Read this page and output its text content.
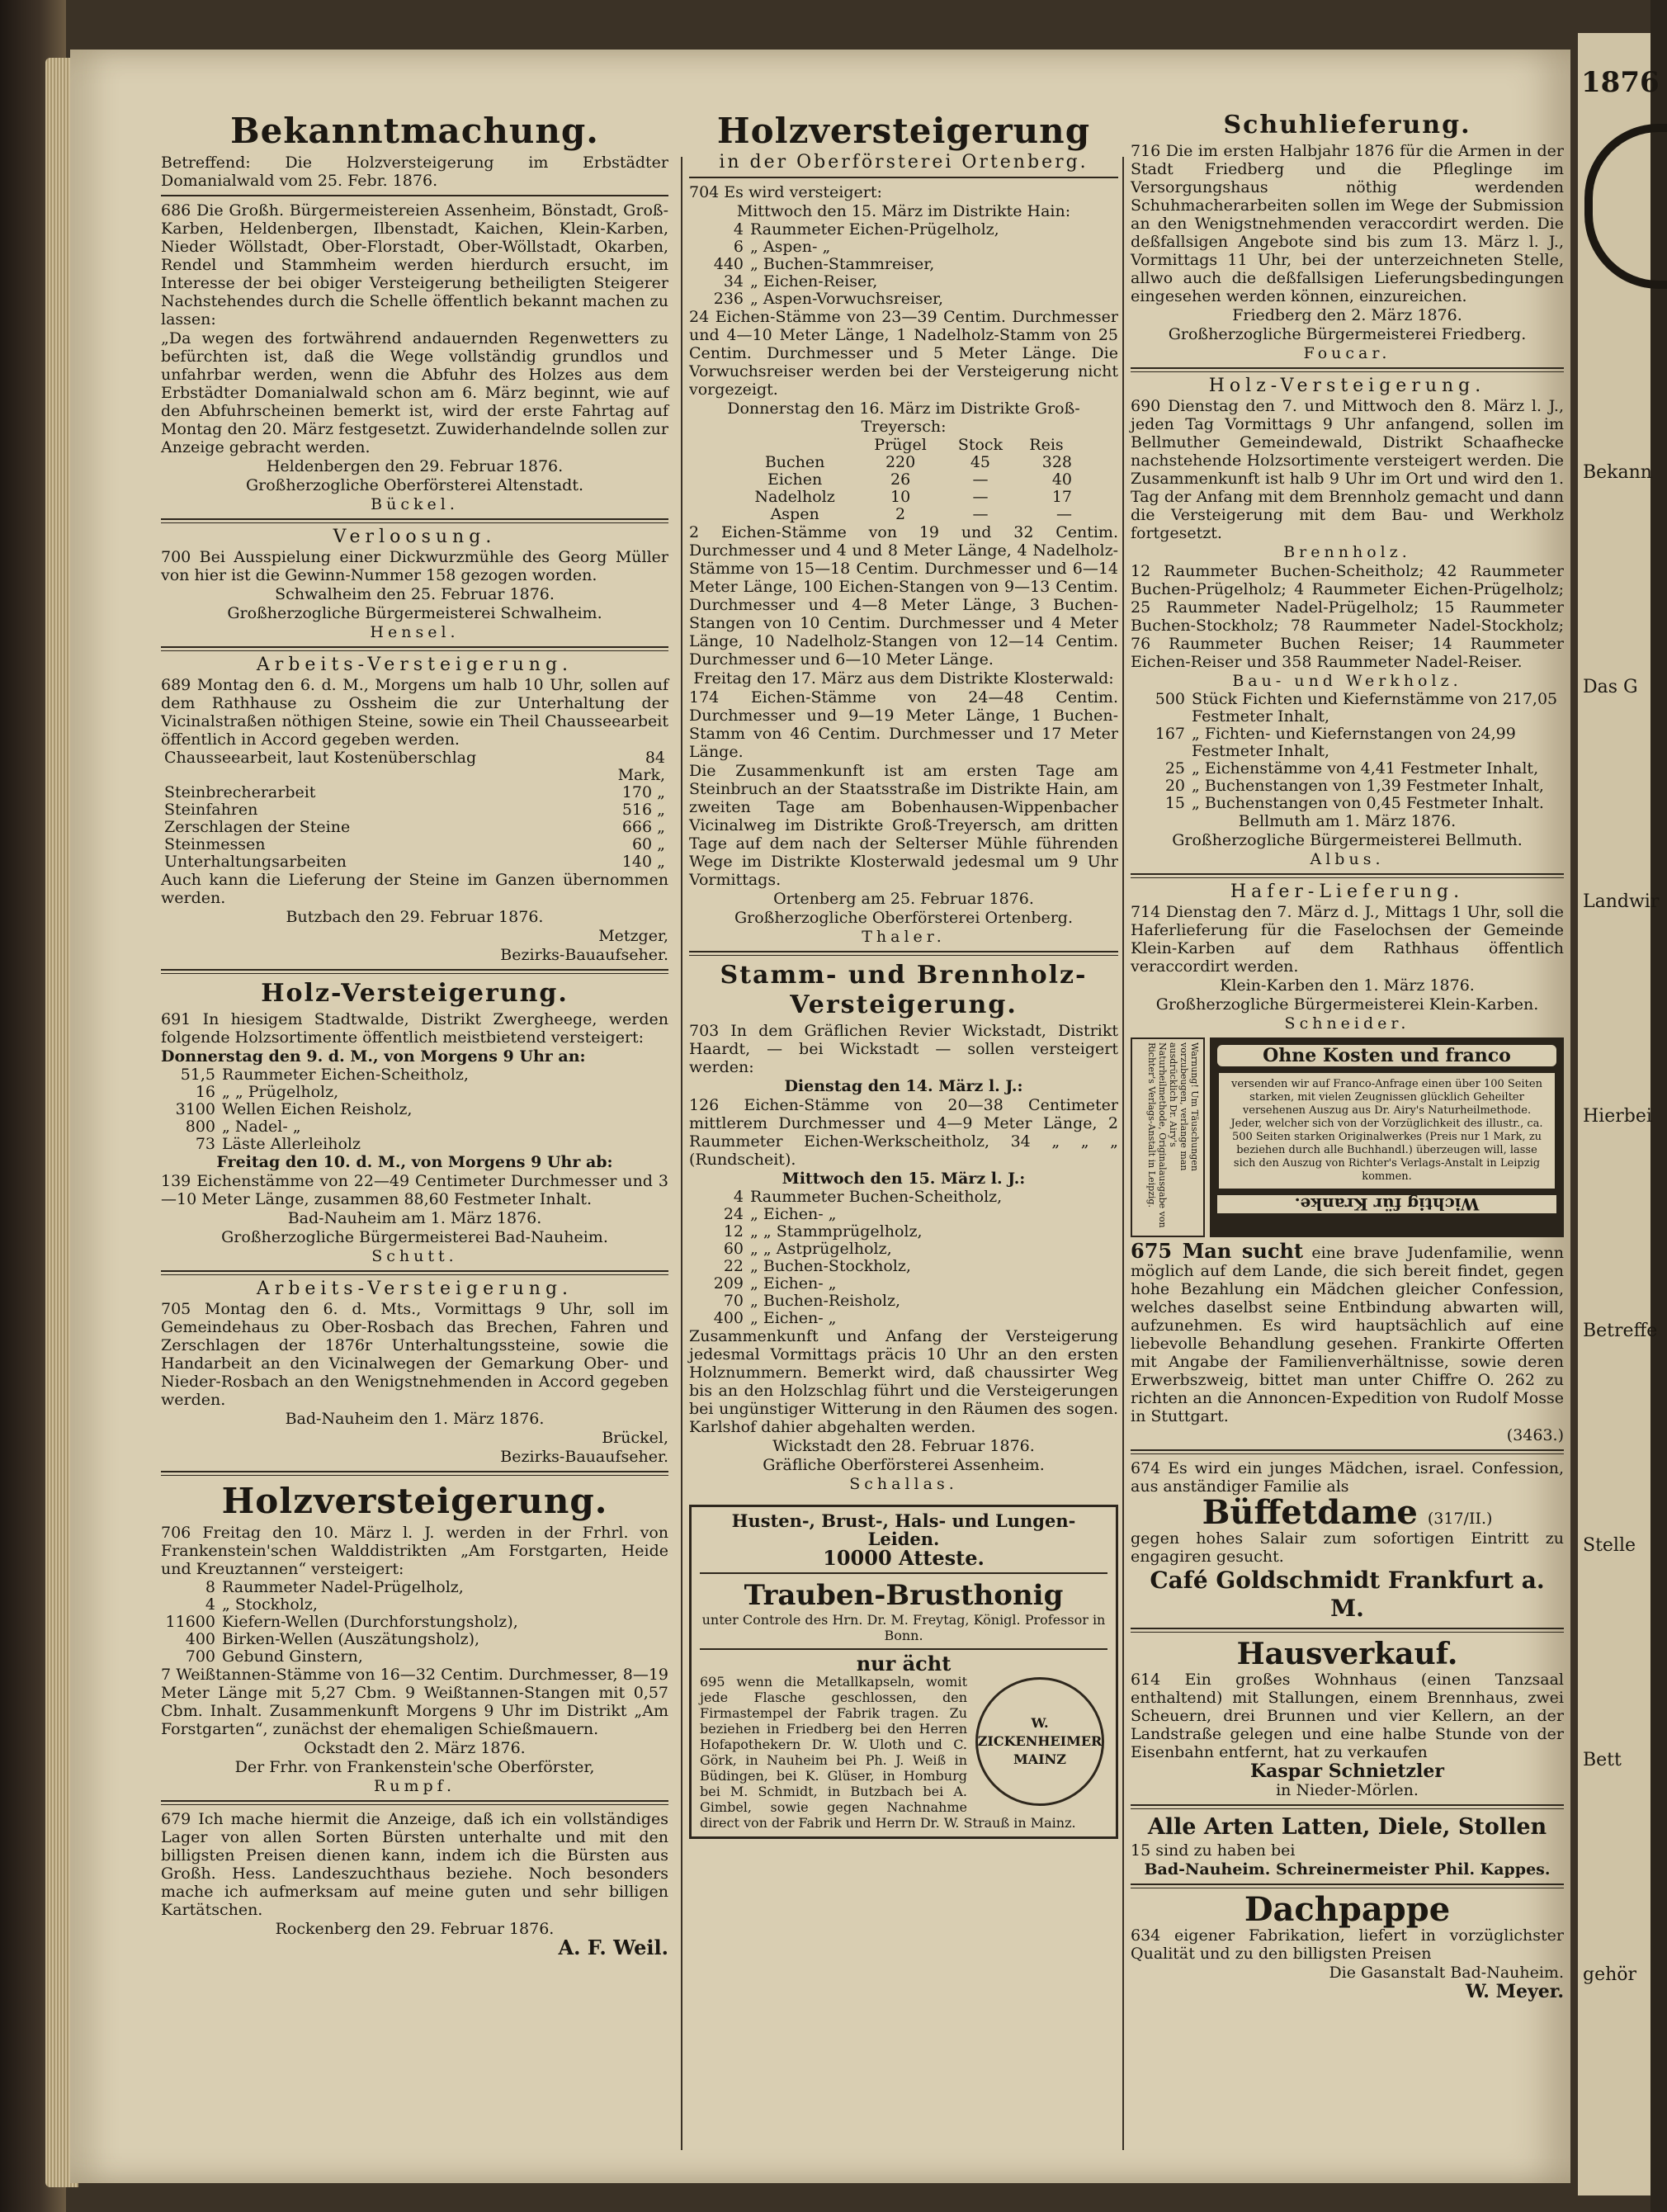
Bekanntmachung.

Betreffend: Die Holzversteigerung im Erbstädter Domanialwald vom 25. Febr. 1876.

686 Die Großh. Bürgermeistereien Assenheim, Bönstadt, Groß-Karben, Heldenbergen, Ilbenstadt, Kaichen, Klein-Karben, Nieder Wöllstadt, Ober-Florstadt, Ober-Wöllstadt, Okarben, Rendel und Stammheim werden hierdurch ersucht, im Interesse der bei obiger Versteigerung betheiligten Steigerer Nachstehendes durch die Schelle öffentlich bekannt machen zu lassen:

„Da wegen des fortwährend andauernden Regenwetters zu befürchten ist, daß die Wege vollständig grundlos und unfahrbar werden, wenn die Abfuhr des Holzes aus dem Erbstädter Domanialwald schon am 6. März beginnt, wie auf den Abfuhrscheinen bemerkt ist, wird der erste Fahrtag auf Montag den 20. März festgesetzt. Zuwiderhandelnde sollen zur Anzeige gebracht werden.

Heldenbergen den 29. Februar 1876.

Großherzogliche Oberförsterei Altenstadt.

Bückel.

Verloosung.

700 Bei Ausspielung einer Dickwurzmühle des Georg Müller von hier ist die Gewinn-Nummer 158 gezogen worden.

Schwalheim den 25. Februar 1876.

Großherzogliche Bürgermeisterei Schwalheim.

Hensel.

Arbeits-Versteigerung.

689 Montag den 6. d. M., Morgens um halb 10 Uhr, sollen auf dem Rathhause zu Ossheim die zur Unterhaltung der Vicinalstraßen nöthigen Steine, sowie ein Theil Chausseearbeit öffentlich in Accord gegeben werden.

Chausseearbeit, laut Kostenüberschlag	84 Mark,
Steinbrecherarbeit	170 „
Steinfahren	516 „
Zerschlagen der Steine	666 „
Steinmessen	60 „
Unterhaltungsarbeiten	140 „

Auch kann die Lieferung der Steine im Ganzen übernommen werden.

Butzbach den 29. Februar 1876.

Metzger,

Bezirks-Bauaufseher.

Holz-Versteigerung.

691 In hiesigem Stadtwalde, Distrikt Zwergheege, werden folgende Holzsortimente öffentlich meistbietend versteigert:

Donnerstag den 9. d. M., von Morgens 9 Uhr an:

51,5	Raummeter Eichen-Scheitholz,
16	„ „ Prügelholz,
3100	Wellen Eichen Reisholz,
800	„ Nadel- „
73	Läste Allerleiholz

Freitag den 10. d. M., von Morgens 9 Uhr ab:

139 Eichenstämme von 22—49 Centimeter Durchmesser und 3—10 Meter Länge, zusammen 88,60 Festmeter Inhalt.

Bad-Nauheim am 1. März 1876.

Großherzogliche Bürgermeisterei Bad-Nauheim.

Schutt.

Arbeits-Versteigerung.

705 Montag den 6. d. Mts., Vormittags 9 Uhr, soll im Gemeindehaus zu Ober-Rosbach das Brechen, Fahren und Zerschlagen der 1876r Unterhaltungssteine, sowie die Handarbeit an den Vicinalwegen der Gemarkung Ober- und Nieder-Rosbach an den Wenigstnehmenden in Accord gegeben werden.

Bad-Nauheim den 1. März 1876.

Brückel,

Bezirks-Bauaufseher.

Holzversteigerung.

706 Freitag den 10. März l. J. werden in der Frhrl. von Frankenstein'schen Walddistrikten „Am Forstgarten, Heide und Kreuztannen“ versteigert:

8	Raummeter Nadel-Prügelholz,
4	„ Stockholz,
11600	Kiefern-Wellen (Durchforstungsholz),
400	Birken-Wellen (Auszätungsholz),
700	Gebund Ginstern,

7 Weißtannen-Stämme von 16—32 Centim. Durchmesser, 8—19 Meter Länge mit 5,27 Cbm. 9 Weißtannen-Stangen mit 0,57 Cbm. Inhalt. Zusammenkunft Morgens 9 Uhr im Distrikt „Am Forstgarten“, zunächst der ehemaligen Schießmauern.

Ockstadt den 2. März 1876.

Der Frhr. von Frankenstein'sche Oberförster,

Rumpf.

679 Ich mache hiermit die Anzeige, daß ich ein vollständiges Lager von allen Sorten Bürsten unterhalte und mit den billigsten Preisen dienen kann, indem ich die Bürsten aus Großh. Hess. Landeszuchthaus beziehe. Noch besonders mache ich aufmerksam auf meine guten und sehr billigen Kartätschen.

Rockenberg den 29. Februar 1876.

A. F. Weil.

Holzversteigerung
in der Oberförsterei Ortenberg.

704 Es wird versteigert:

Mittwoch den 15. März im Distrikte Hain:

4	Raummeter Eichen-Prügelholz,
6	„ Aspen- „
440	„ Buchen-Stammreiser,
34	„ Eichen-Reiser,
236	„ Aspen-Vorwuchsreiser,

24 Eichen-Stämme von 23—39 Centim. Durchmesser und 4—10 Meter Länge, 1 Nadelholz-Stamm von 25 Centim. Durchmesser und 5 Meter Länge. Die Vorwuchsreiser werden bei der Versteigerung nicht vorgezeigt.

Donnerstag den 16. März im Distrikte Groß-Treyersch:

	Prügel	Stock	Reis
Buchen	220	45	328
Eichen	26	—	40
Nadelholz	10	—	17
Aspen	2	—	—

2 Eichen-Stämme von 19 und 32 Centim. Durchmesser und 4 und 8 Meter Länge, 4 Nadelholz-Stämme von 15—18 Centim. Durchmesser und 6—14 Meter Länge, 100 Eichen-Stangen von 9—13 Centim. Durchmesser und 4—8 Meter Länge, 3 Buchen-Stangen von 10 Centim. Durchmesser und 4 Meter Länge, 10 Nadelholz-Stangen von 12—14 Centim. Durchmesser und 6—10 Meter Länge.

Freitag den 17. März aus dem Distrikte Klosterwald:

174 Eichen-Stämme von 24—48 Centim. Durchmesser und 9—19 Meter Länge, 1 Buchen-Stamm von 46 Centim. Durchmesser und 17 Meter Länge.

Die Zusammenkunft ist am ersten Tage am Steinbruch an der Staatsstraße im Distrikte Hain, am zweiten Tage am Bobenhausen-Wippenbacher Vicinalweg im Distrikte Groß-Treyersch, am dritten Tage auf dem nach der Selterser Mühle führenden Wege im Distrikte Klosterwald jedesmal um 9 Uhr Vormittags.

Ortenberg am 25. Februar 1876.

Großherzogliche Oberförsterei Ortenberg.

Thaler.

Stamm- und Brennholz-Versteigerung.

703 In dem Gräflichen Revier Wickstadt, Distrikt Haardt, — bei Wickstadt — sollen versteigert werden:

Dienstag den 14. März l. J.:

126 Eichen-Stämme von 20—38 Centimeter mittlerem Durchmesser und 4—9 Meter Länge, 2 Raummeter Eichen-Werkscheitholz, 34 „ „ „ (Rundscheit).

Mittwoch den 15. März l. J.:

4	Raummeter Buchen-Scheitholz,
24	„ Eichen- „
12	„ „ Stammprügelholz,
60	„ „ Astprügelholz,
22	„ Buchen-Stockholz,
209	„ Eichen- „
70	„ Buchen-Reisholz,
400	„ Eichen- „

Zusammenkunft und Anfang der Versteigerung jedesmal Vormittags präcis 10 Uhr an den ersten Holznummern. Bemerkt wird, daß chaussirter Weg bis an den Holzschlag führt und die Versteigerungen bei ungünstiger Witterung in den Räumen des sogen. Karlshof dahier abgehalten werden.

Wickstadt den 28. Februar 1876.

Gräfliche Oberförsterei Assenheim.

Schallas.

Husten-, Brust-, Hals- und Lungen-Leiden.

10000 Atteste.

Trauben-Brusthonig

unter Controle des Hrn. Dr. M. Freytag, Königl. Professor in Bonn.

nur ächt

W. ZICKENHEIMER MAINZ

695 wenn die Metallkapseln, womit jede Flasche geschlossen, den Firmastempel der Fabrik tragen. Zu beziehen in Friedberg bei den Herren Hofapothekern Dr. W. Uloth und C. Görk, in Nauheim bei Ph. J. Weiß in Büdingen, bei K. Glüser, in Homburg bei M. Schmidt, in Butzbach bei A. Gimbel, sowie gegen Nachnahme direct von der Fabrik und Herrn Dr. W. Strauß in Mainz.

Schuhlieferung.

716 Die im ersten Halbjahr 1876 für die Armen in der Stadt Friedberg und die Pfleglinge im Versorgungshaus nöthig werdenden Schuhmacherarbeiten sollen im Wege der Submission an den Wenigstnehmenden veraccordirt werden. Die deßfallsigen Angebote sind bis zum 13. März l. J., Vormittags 11 Uhr, bei der unterzeichneten Stelle, allwo auch die deßfallsigen Lieferungsbedingungen eingesehen werden können, einzureichen.

Friedberg den 2. März 1876.

Großherzogliche Bürgermeisterei Friedberg.

Foucar.

Holz-Versteigerung.

690 Dienstag den 7. und Mittwoch den 8. März l. J., jeden Tag Vormittags 9 Uhr anfangend, sollen im Bellmuther Gemeindewald, Distrikt Schaafhecke nachstehende Holzsortimente versteigert werden. Die Zusammenkunft ist halb 9 Uhr im Ort und wird den 1. Tag der Anfang mit dem Brennholz gemacht und dann die Versteigerung mit dem Bau- und Werkholz fortgesetzt.

Brennholz.

12 Raummeter Buchen-Scheitholz; 42 Raummeter Buchen-Prügelholz; 4 Raummeter Eichen-Prügelholz; 25 Raummeter Nadel-Prügelholz; 15 Raummeter Buchen-Stockholz; 78 Raummeter Nadel-Stockholz; 76 Raummeter Buchen Reiser; 14 Raummeter Eichen-Reiser und 358 Raummeter Nadel-Reiser.

Bau- und Werkholz.

500	Stück Fichten und Kiefernstämme von 217,05 Festmeter Inhalt,
167	„ Fichten- und Kiefernstangen von 24,99 Festmeter Inhalt,
25	„ Eichenstämme von 4,41 Festmeter Inhalt,
20	„ Buchenstangen von 1,39 Festmeter Inhalt,
15	„ Buchenstangen von 0,45 Festmeter Inhalt.

Bellmuth am 1. März 1876.

Großherzogliche Bürgermeisterei Bellmuth.

Albus.

Hafer-Lieferung.

714 Dienstag den 7. März d. J., Mittags 1 Uhr, soll die Haferlieferung für die Faselochsen der Gemeinde Klein-Karben auf dem Rathhaus öffentlich veraccordirt werden.

Klein-Karben den 1. März 1876.

Großherzogliche Bürgermeisterei Klein-Karben.

Schneider.

Warnung! Um Täuschungen vorzubeugen, verlange man ausdrücklich Dr. Airy's Naturheilmethode, Originalausgabe von Richter's Verlags-Anstalt in Leipzig.	Ohne Kosten und franco
versenden wir auf Franco-Anfrage einen über 100 Seiten starken, mit vielen Zeugnissen glücklich Geheilter versehenen Auszug aus Dr. Airy's Naturheilmethode. Jeder, welcher sich von der Vorzüglichkeit des illustr., ca. 500 Seiten starken Originalwerkes (Preis nur 1 Mark, zu beziehen durch alle Buchhandl.) überzeugen will, lasse sich den Auszug von Richter's Verlags-Anstalt in Leipzig kommen.
Wichtig für Kranke.

675 Man sucht eine brave Judenfamilie, wenn möglich auf dem Lande, die sich bereit findet, gegen hohe Bezahlung ein Mädchen gleicher Confession, welches daselbst seine Entbindung abwarten will, aufzunehmen. Es wird hauptsächlich auf eine liebevolle Behandlung gesehen. Frankirte Offerten mit Angabe der Familienverhältnisse, sowie deren Erwerbszweig, bittet man unter Chiffre O. 262 zu richten an die Annoncen-Expedition von Rudolf Mosse in Stuttgart.

(3463.)

674 Es wird ein junges Mädchen, israel. Confession, aus anständiger Familie als

Büffetdame (317/II.)

gegen hohes Salair zum sofortigen Eintritt zu engagiren gesucht.

Café Goldschmidt Frankfurt a. M.

Hausverkauf.

614 Ein großes Wohnhaus (einen Tanzsaal enthaltend) mit Stallungen, einem Brennhaus, zwei Scheuern, drei Brunnen und vier Kellern, an der Landstraße gelegen und eine halbe Stunde von der Eisenbahn entfernt, hat zu verkaufen

Kaspar Schnietzler

in Nieder-Mörlen.

Alle Arten Latten, Diele, Stollen

15 sind zu haben bei

Bad-Nauheim. Schreinermeister Phil. Kappes.

Dachpappe

634 eigener Fabrikation, liefert in vorzüglichster Qualität und zu den billigsten Preisen

Die Gasanstalt Bad-Nauheim.

W. Meyer.

1876
Bekann
Das G
Landwir
Hierbei
Betreffe
Stelle
Bett
gehör
